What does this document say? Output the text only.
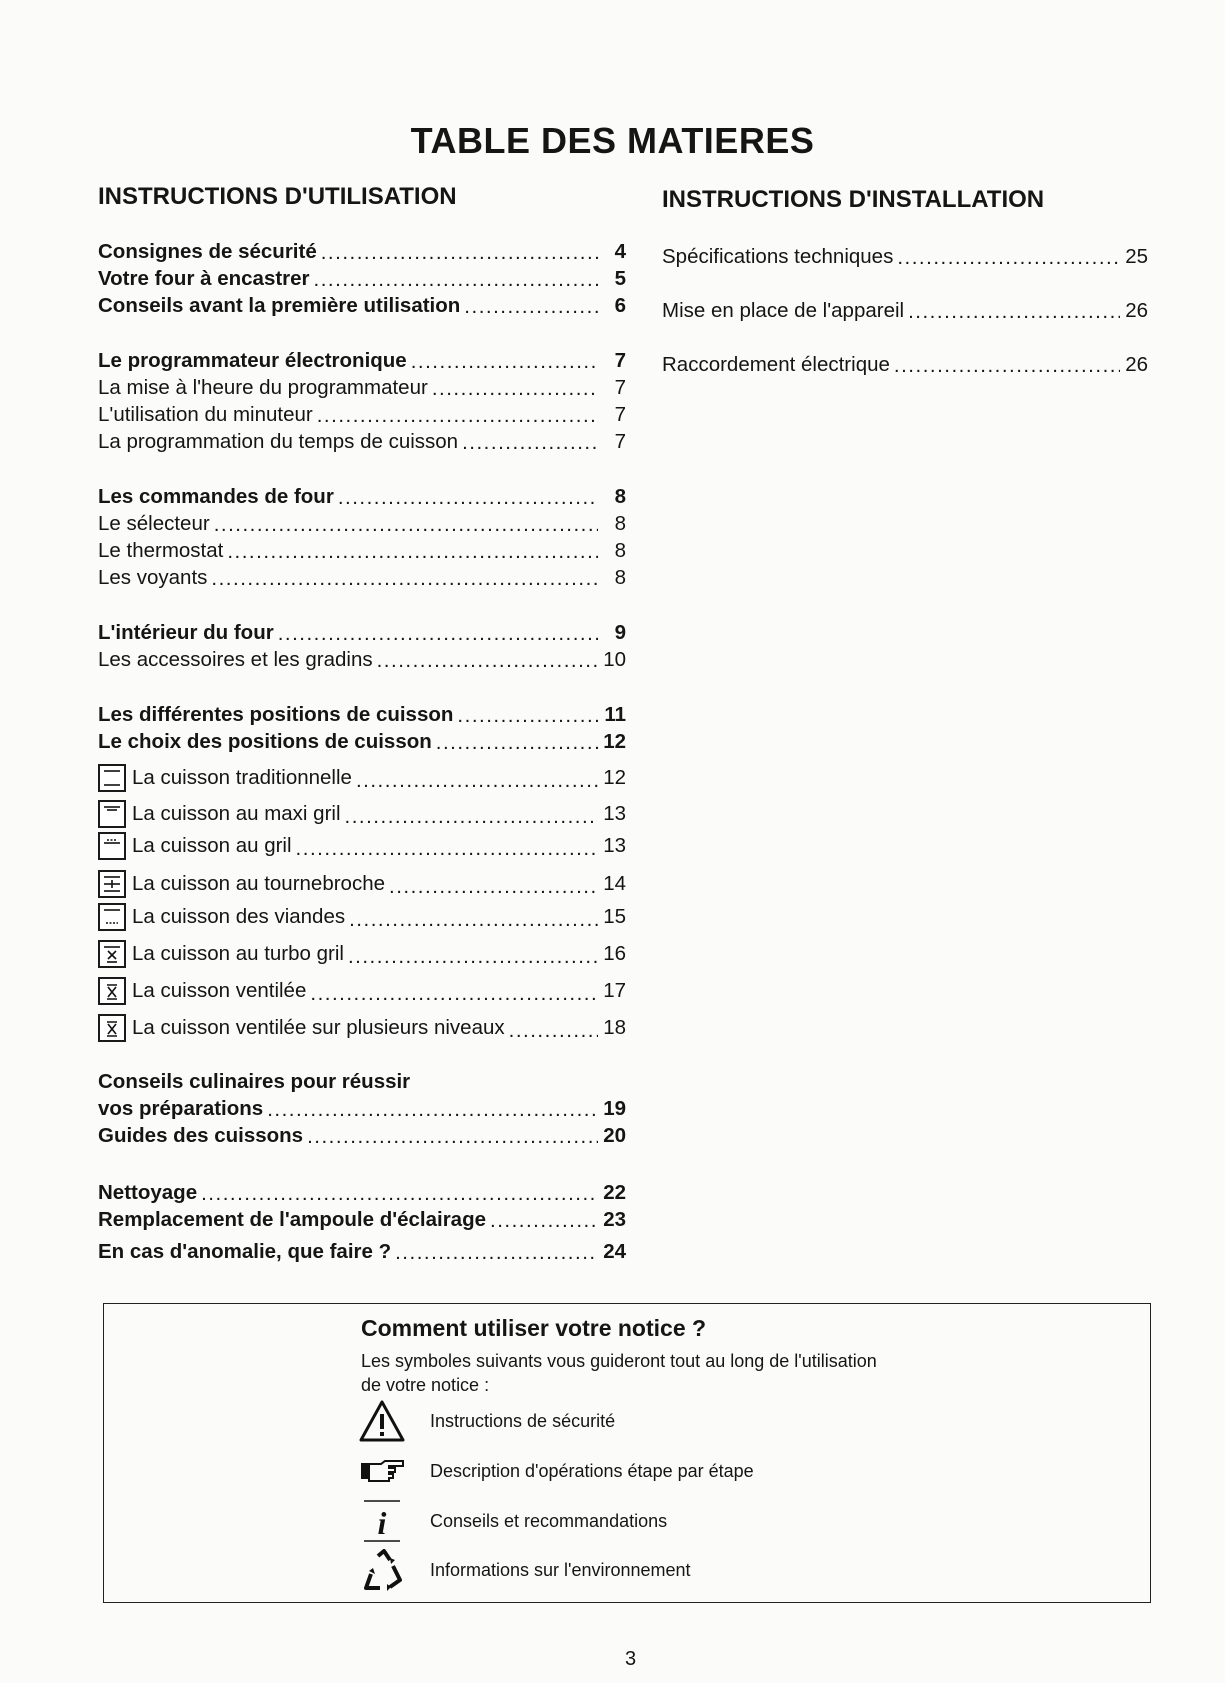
TABLE DES MATIERES
INSTRUCTIONS D'UTILISATION	INSTRUCTIONS D'INSTALLATION
Consignes de sécurité .....	4
Votre four à encastrer .....	5
Conseils avant la première utilisation .....	6
Le programmateur électronique .....	7
La mise à l'heure du programmateur .....	7
L'utilisation du minuteur .....	7
La programmation du temps de cuisson .....	7
Les commandes de four .....	8
Le sélecteur .....	8
Le thermostat .....	8
Les voyants .....	8
L'intérieur du four .....	9
Les accessoires et les gradins .....	10
Les différentes positions de cuisson .....	11
Le choix des positions de cuisson .....	12
La cuisson traditionnelle .....	12
La cuisson au maxi gril .....	13
La cuisson au gril .....	13
La cuisson au tournebroche .....	14
La cuisson des viandes .....	15
La cuisson au turbo gril .....	16
La cuisson ventilée .....	17
La cuisson ventilée sur plusieurs niveaux .....	18
Conseils culinaires pour réussir
vos préparations .....	19
Guides des cuissons .....	20
Nettoyage .....	22
Remplacement de l'ampoule d'éclairage .....	23
En cas d'anomalie, que faire ? .....	24
Spécifications techniques .....	25
Mise en place de l'appareil .....	26
Raccordement électrique .....	26
Comment utiliser votre notice ?
Les symboles suivants vous guideront tout au long de l'utilisation de votre notice :
Instructions de sécurité
Description d'opérations étape par étape
i Conseils et recommandations
Informations sur l'environnement
3
